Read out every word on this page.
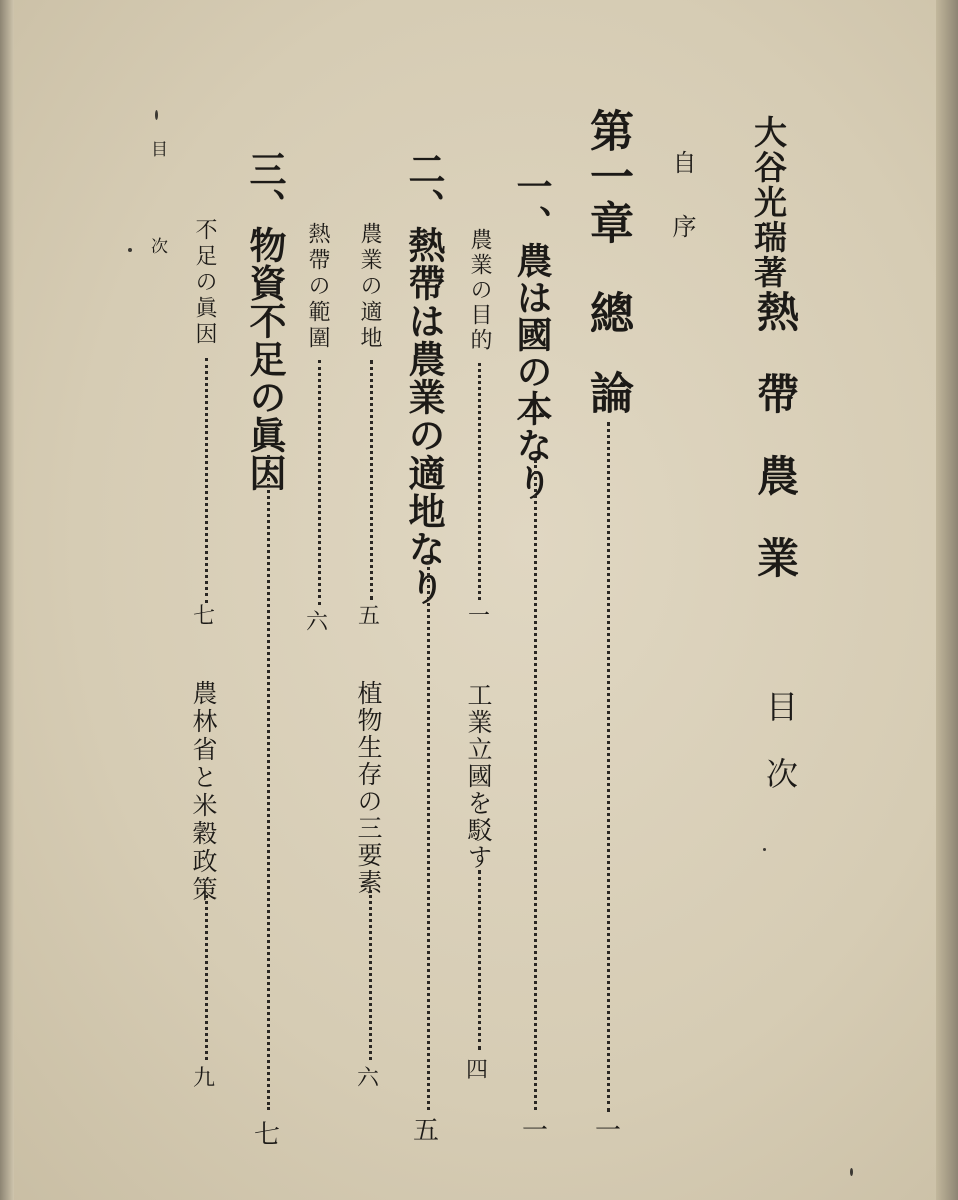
大谷光瑞著
熱帶農業
目次
自序
第一章
總論
一
一、農は國の本なり
一
農業の目的
一
工業立國を駁す
四
二、熱帶は農業の適地なり
五
農業の適地
五
熱帶の範圍
六
植物生存の三要素
六
三、物資不足の眞因
七
不足の眞因
七
農林省と米穀政策
九
目次
